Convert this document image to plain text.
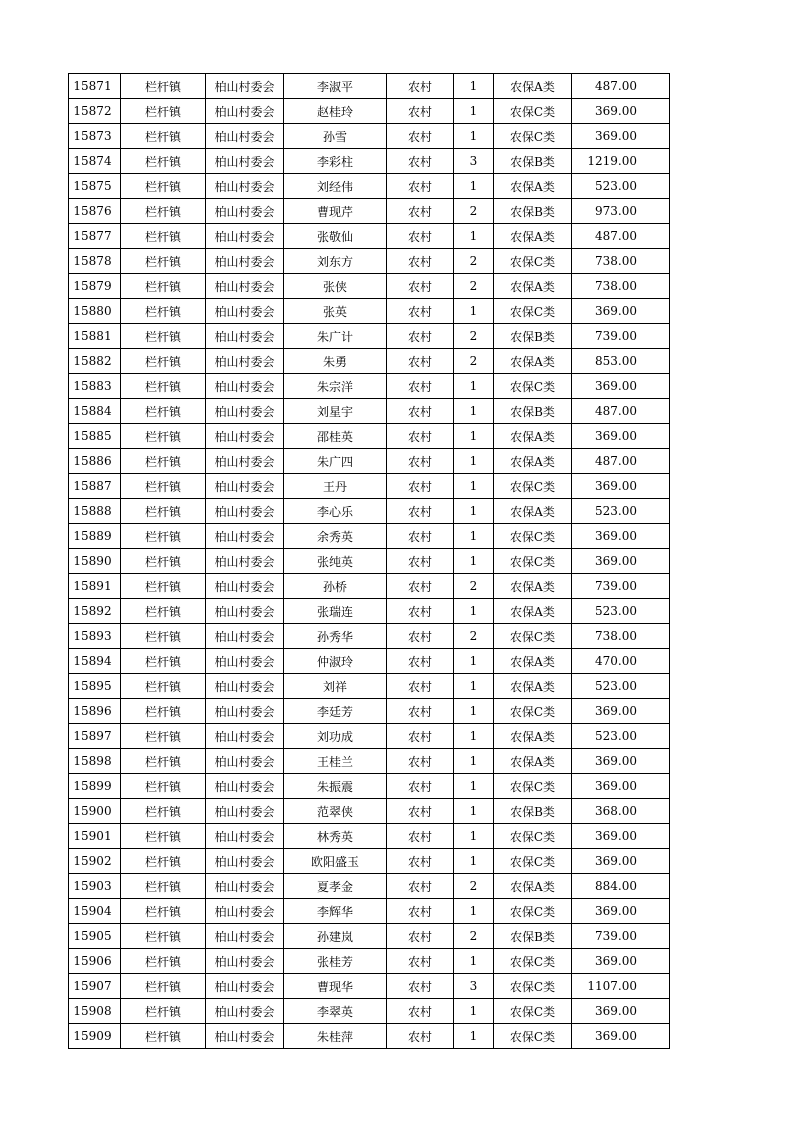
15871	栏杆镇	柏山村委会	李淑平	农村	1	农保A类	487.00
15872	栏杆镇	柏山村委会	赵桂玲	农村	1	农保C类	369.00
15873	栏杆镇	柏山村委会	孙雪	农村	1	农保C类	369.00
15874	栏杆镇	柏山村委会	李彩柱	农村	3	农保B类	1219.00
15875	栏杆镇	柏山村委会	刘经伟	农村	1	农保A类	523.00
15876	栏杆镇	柏山村委会	曹现芹	农村	2	农保B类	973.00
15877	栏杆镇	柏山村委会	张敬仙	农村	1	农保A类	487.00
15878	栏杆镇	柏山村委会	刘东方	农村	2	农保C类	738.00
15879	栏杆镇	柏山村委会	张侠	农村	2	农保A类	738.00
15880	栏杆镇	柏山村委会	张英	农村	1	农保C类	369.00
15881	栏杆镇	柏山村委会	朱广计	农村	2	农保B类	739.00
15882	栏杆镇	柏山村委会	朱勇	农村	2	农保A类	853.00
15883	栏杆镇	柏山村委会	朱宗洋	农村	1	农保C类	369.00
15884	栏杆镇	柏山村委会	刘星宇	农村	1	农保B类	487.00
15885	栏杆镇	柏山村委会	邵桂英	农村	1	农保A类	369.00
15886	栏杆镇	柏山村委会	朱广四	农村	1	农保A类	487.00
15887	栏杆镇	柏山村委会	王丹	农村	1	农保C类	369.00
15888	栏杆镇	柏山村委会	李心乐	农村	1	农保A类	523.00
15889	栏杆镇	柏山村委会	余秀英	农村	1	农保C类	369.00
15890	栏杆镇	柏山村委会	张纯英	农村	1	农保C类	369.00
15891	栏杆镇	柏山村委会	孙桥	农村	2	农保A类	739.00
15892	栏杆镇	柏山村委会	张瑞连	农村	1	农保A类	523.00
15893	栏杆镇	柏山村委会	孙秀华	农村	2	农保C类	738.00
15894	栏杆镇	柏山村委会	仲淑玲	农村	1	农保A类	470.00
15895	栏杆镇	柏山村委会	刘祥	农村	1	农保A类	523.00
15896	栏杆镇	柏山村委会	李廷芳	农村	1	农保C类	369.00
15897	栏杆镇	柏山村委会	刘功成	农村	1	农保A类	523.00
15898	栏杆镇	柏山村委会	王桂兰	农村	1	农保A类	369.00
15899	栏杆镇	柏山村委会	朱振震	农村	1	农保C类	369.00
15900	栏杆镇	柏山村委会	范翠侠	农村	1	农保B类	368.00
15901	栏杆镇	柏山村委会	林秀英	农村	1	农保C类	369.00
15902	栏杆镇	柏山村委会	欧阳盛玉	农村	1	农保C类	369.00
15903	栏杆镇	柏山村委会	夏孝金	农村	2	农保A类	884.00
15904	栏杆镇	柏山村委会	李辉华	农村	1	农保C类	369.00
15905	栏杆镇	柏山村委会	孙建岚	农村	2	农保B类	739.00
15906	栏杆镇	柏山村委会	张桂芳	农村	1	农保C类	369.00
15907	栏杆镇	柏山村委会	曹现华	农村	3	农保C类	1107.00
15908	栏杆镇	柏山村委会	李翠英	农村	1	农保C类	369.00
15909	栏杆镇	柏山村委会	朱桂萍	农村	1	农保C类	369.00
